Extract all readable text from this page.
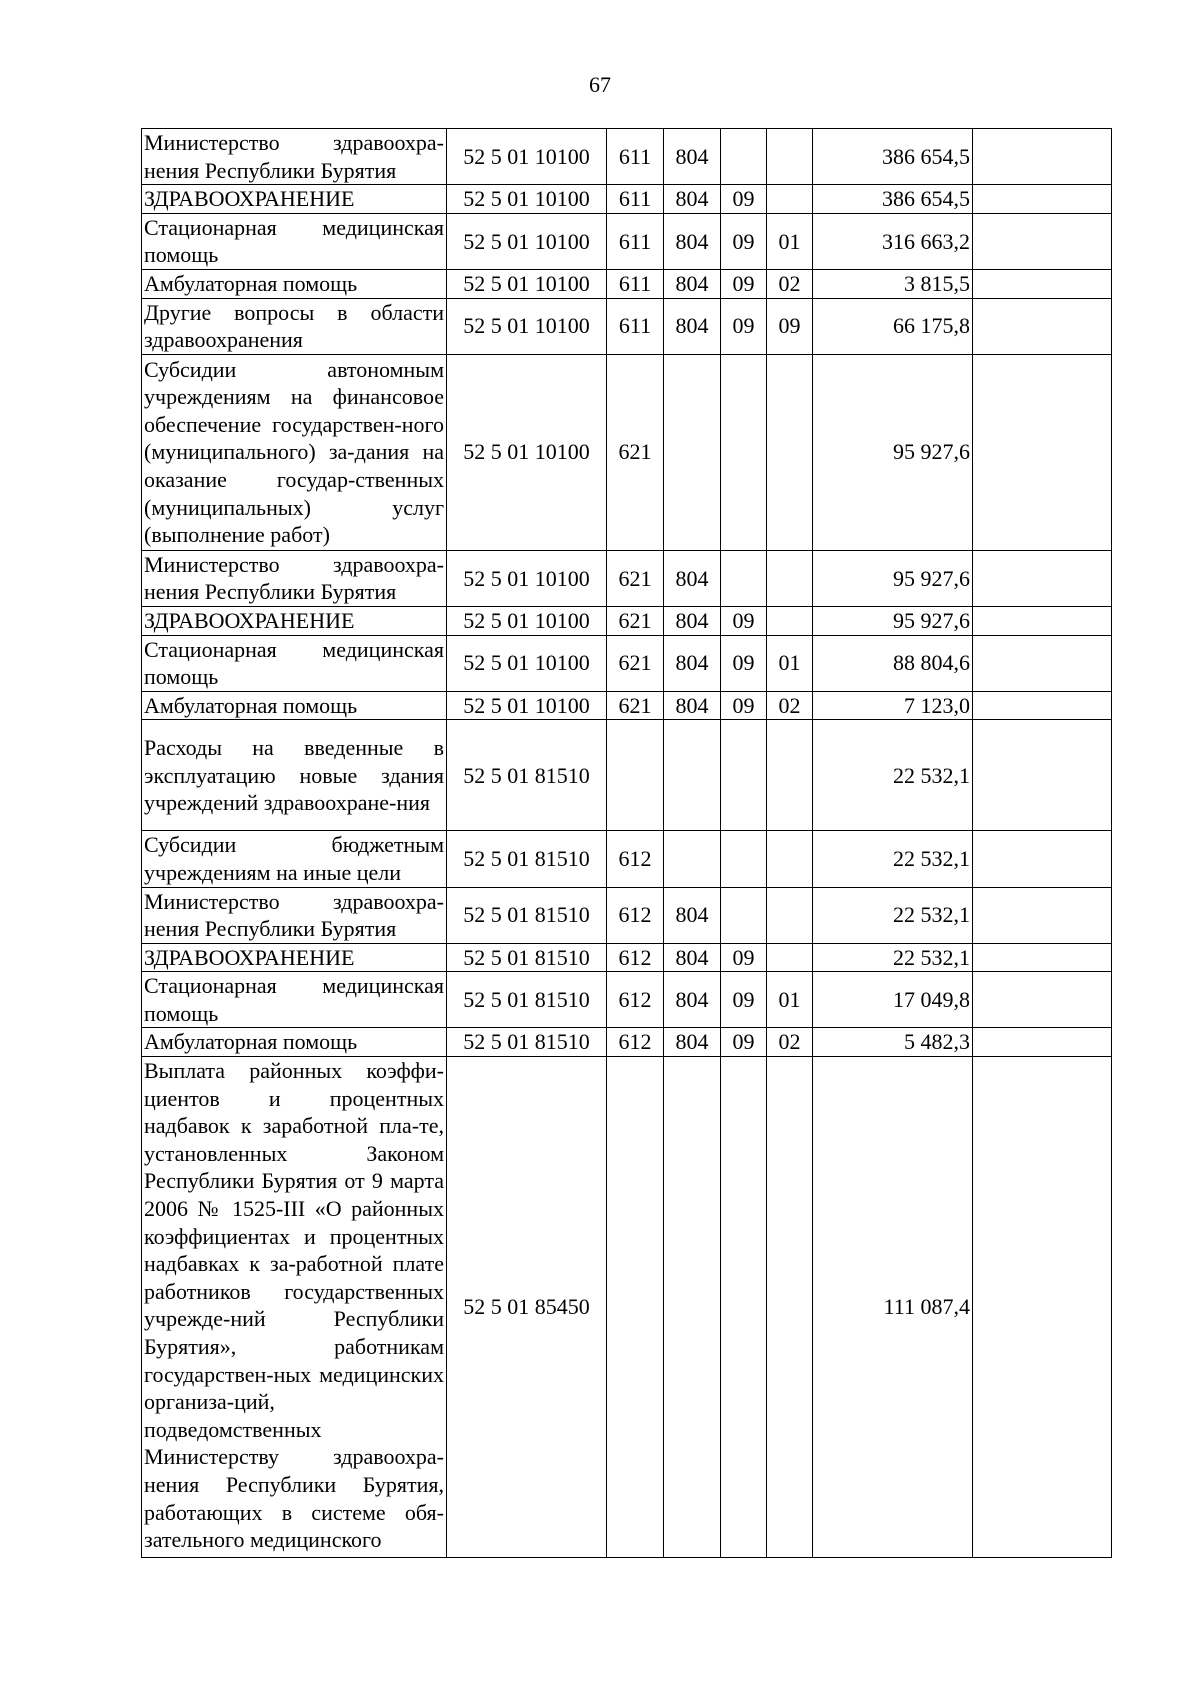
67
Министерство здравоохра-нения Республики Бурятия	52 5 01 10100	611	804			386 654,5	
ЗДРАВООХРАНЕНИЕ	52 5 01 10100	611	804	09		386 654,5	
Стационарная медицинская помощь	52 5 01 10100	611	804	09	01	316 663,2	
Амбулаторная помощь	52 5 01 10100	611	804	09	02	3 815,5	
Другие вопросы в области здравоохранения	52 5 01 10100	611	804	09	09	66 175,8	
Субсидии автономным учреждениям на финансовое обеспечение государствен-ного (муниципального) за-дания на оказание государ-ственных (муниципальных) услуг (выполнение работ)	52 5 01 10100	621				95 927,6	
Министерство здравоохра-нения Республики Бурятия	52 5 01 10100	621	804			95 927,6	
ЗДРАВООХРАНЕНИЕ	52 5 01 10100	621	804	09		95 927,6	
Стационарная медицинская помощь	52 5 01 10100	621	804	09	01	88 804,6	
Амбулаторная помощь	52 5 01 10100	621	804	09	02	7 123,0	
Расходы на введенные в эксплуатацию новые здания учреждений здравоохране-ния	52 5 01 81510					22 532,1	
Субсидии бюджетным учреждениям на иные цели	52 5 01 81510	612				22 532,1	
Министерство здравоохра-нения Республики Бурятия	52 5 01 81510	612	804			22 532,1	
ЗДРАВООХРАНЕНИЕ	52 5 01 81510	612	804	09		22 532,1	
Стационарная медицинская помощь	52 5 01 81510	612	804	09	01	17 049,8	
Амбулаторная помощь	52 5 01 81510	612	804	09	02	5 482,3	
Выплата районных коэффи-циентов и процентных надбавок к заработной пла-те, установленных Законом Республики Бурятия от 9 марта 2006 № 1525-III «О районных коэффициентах и процентных надбавках к за-работной плате работников государственных учрежде-ний Республики Бурятия», работникам государствен-ных медицинских организа-ций, подведомственных Министерству здравоохра-нения Республики Бурятия, работающих в системе обя-зательного медицинского	52 5 01 85450					111 087,4	
